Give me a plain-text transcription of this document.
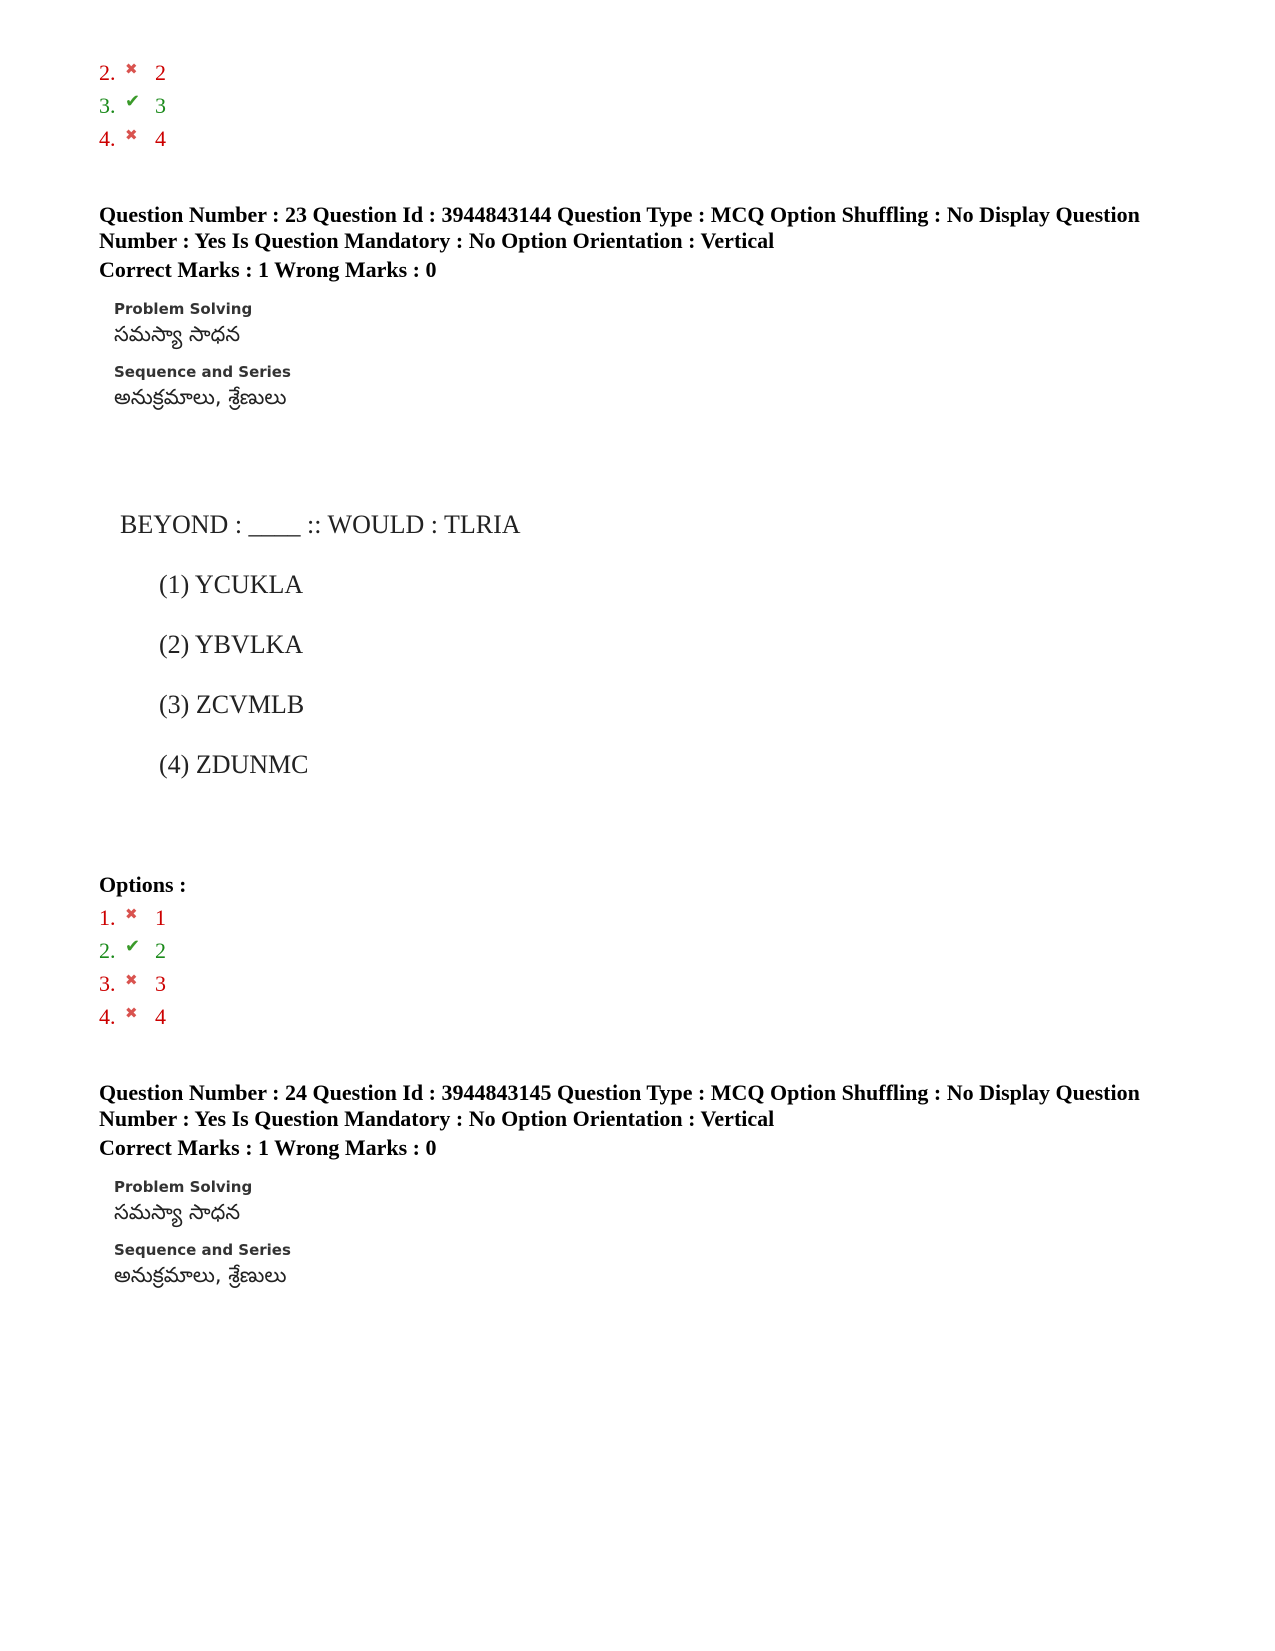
2. ✖ 2
3. ✔ 3
4. ✖ 4
Question Number : 23 Question Id : 3944843144 Question Type : MCQ Option Shuffling : No Display Question Number : Yes Is Question Mandatory : No Option Orientation : Vertical
Correct Marks : 1 Wrong Marks : 0
Problem Solving
సమస్యా సాధన
Sequence and Series
అనుక్రమాలు, శ్రేణులు
BEYOND : ____ :: WOULD : TLRIA
(1) YCUKLA
(2) YBVLKA
(3) ZCVMLB
(4) ZDUNMC
Options :
1. ✖ 1
2. ✔ 2
3. ✖ 3
4. ✖ 4
Question Number : 24 Question Id : 3944843145 Question Type : MCQ Option Shuffling : No Display Question Number : Yes Is Question Mandatory : No Option Orientation : Vertical
Correct Marks : 1 Wrong Marks : 0
Problem Solving
సమస్యా సాధన
Sequence and Series
అనుక్రమాలు, శ్రేణులు
